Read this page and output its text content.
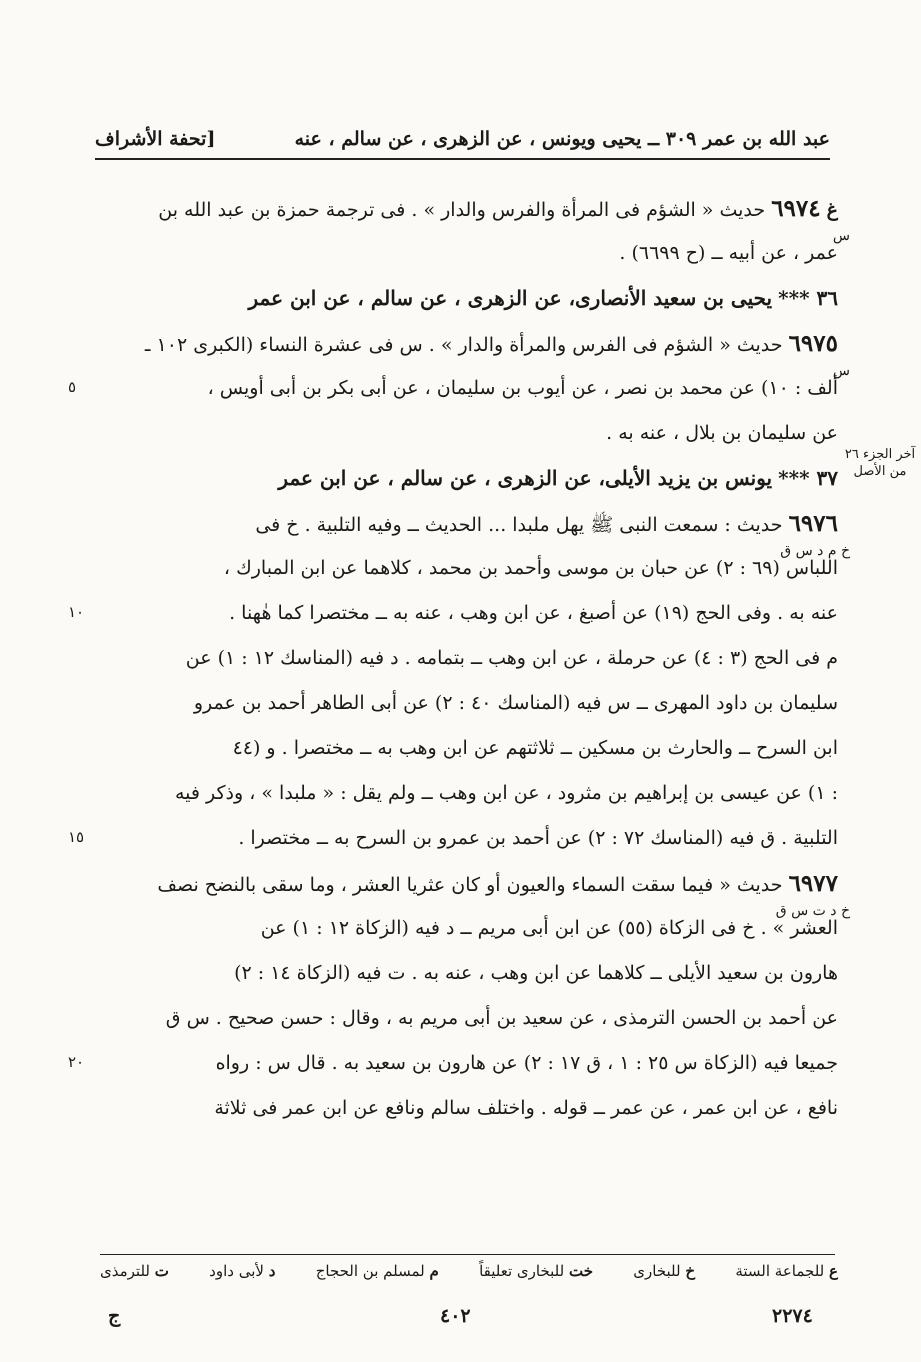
عبد الله بن عمر ٣٠٩ ــ يحيى ويونس ، عن الزهرى ، عن سالم ، عنه
[تحفة الأشراف
آخر الجزء ٢٦ من الأصل
غ ٦٩٧٤ حديث « الشؤم فى المرأة والفرس والدار » . فى ترجمة حمزة بن عبد الله بن
س
عمر ، عن أبيه ــ (ح ٦٦٩٩) .
٣٦ *** يحيى بن سعيد الأنصارى، عن الزهرى ، عن سالم ، عن ابن عمر
٦٩٧٥ حديث « الشؤم فى الفرس والمرأة والدار » . س فى عشرة النساء (الكبرى ١٠٢ ـ
س
ألف : ١٠) عن محمد بن نصر ، عن أيوب بن سليمان ، عن أبى بكر بن أبى أويس ،
عن سليمان بن بلال ، عنه به .
٣٧ *** يونس بن يزيد الأيلى، عن الزهرى ، عن سالم ، عن ابن عمر
٦٩٧٦ حديث : سمعت النبى ﷺ يهل ملبدا ... الحديث ــ وفيه التلبية . خ فى
خ م د س ق
اللباس (٦٩ : ٢) عن حبان بن موسى وأحمد بن محمد ، كلاهما عن ابن المبارك ،
عنه به . وفى الحج (١٩) عن أصبغ ، عن ابن وهب ، عنه به ــ مختصرا كما هٰهنا .
م فى الحج (٣ : ٤) عن حرملة ، عن ابن وهب ــ بتمامه . د فيه (المناسك ١٢ : ١) عن
سليمان بن داود المهرى ــ س فيه (المناسك ٤٠ : ٢) عن أبى الطاهر أحمد بن عمرو
ابن السرح ــ والحارث بن مسكين ــ ثلاثتهم عن ابن وهب به ــ مختصرا . و (٤٤
: ١) عن عيسى بن إبراهيم بن مثرود ، عن ابن وهب ــ ولم يقل : « ملبدا » ، وذكر فيه
التلبية . ق فيه (المناسك ٧٢ : ٢) عن أحمد بن عمرو بن السرح به ــ مختصرا .
٦٩٧٧ حديث « فيما سقت السماء والعيون أو كان عثريا العشر ، وما سقى بالنضح نصف
خ د ت س ق
العشر » . خ فى الزكاة (٥٥) عن ابن أبى مريم ــ د فيه (الزكاة ١٢ : ١) عن
هارون بن سعيد الأيلى ــ كلاهما عن ابن وهب ، عنه به . ت فيه (الزكاة ١٤ : ٢)
عن أحمد بن الحسن الترمذى ، عن سعيد بن أبى مريم به ، وقال : حسن صحيح . س ق
جميعا فيه (الزكاة س ٢٥ : ١ ، ق ١٧ : ٢) عن هارون بن سعيد به . قال س : رواه
نافع ، عن ابن عمر ، عن عمر ــ قوله . واختلف سالم ونافع عن ابن عمر فى ثلاثة
ع للجماعة الستة
خ للبخارى
خت للبخارى تعليقاً
م لمسلم بن الحجاج
د لأبى داود
ت للترمذى
٢٢٧٤
٤٠٢
ج
٥
١٠
١٥
٢٠
